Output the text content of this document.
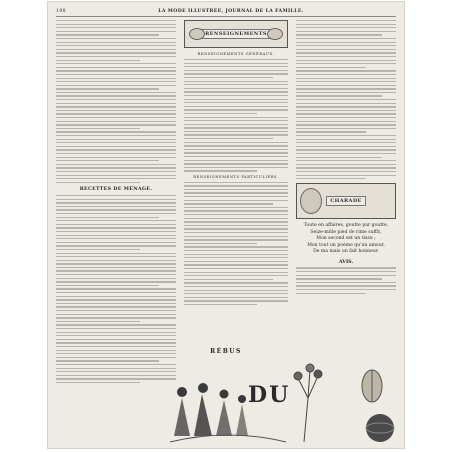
198	LA MODE ILLUSTRÉE, JOURNAL DE LA FAMILLE.
RECETTES DE MÉNAGE.
RENSEIGNEMENTS
RENSEIGNEMENTS GÉNÉRAUX.
RENSEIGNEMENTS PARTICULIERS.
CHARADE
Toute en affaires, goutte par goutte,
Seize-mille pied de rime suffit,
Mon second est un tissu ;
Mon tout un poème qu'un amour,
De ma mais un fait honneur.
AVIS.
RÉBUS
DU
